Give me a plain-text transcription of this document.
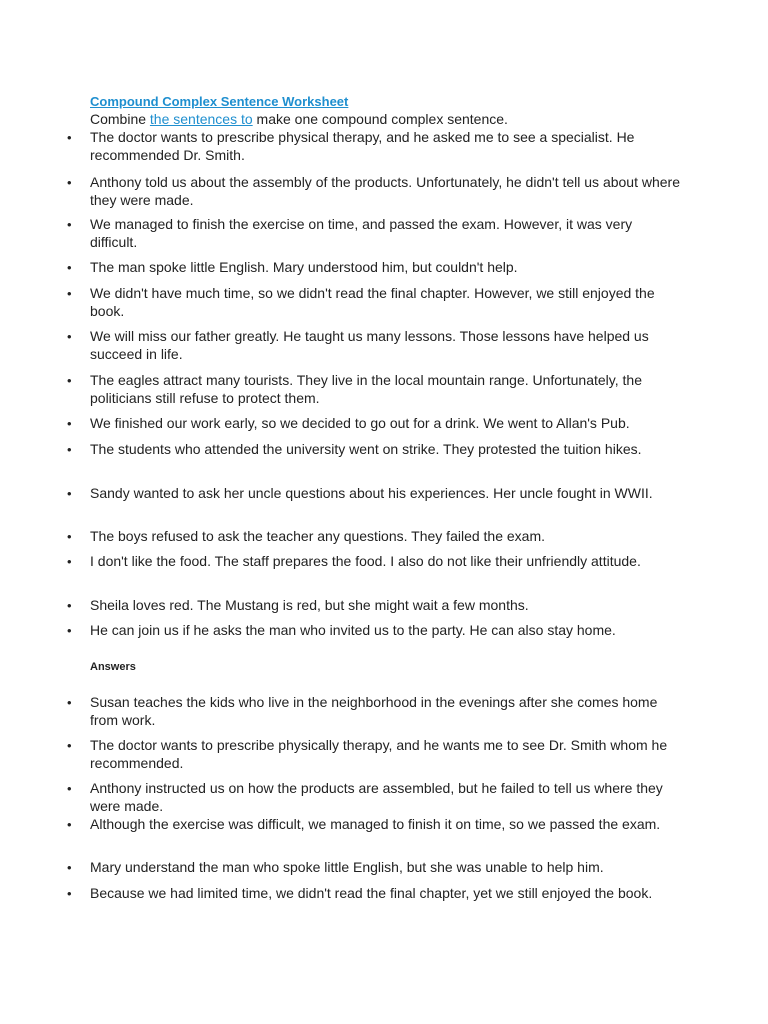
Compound Complex Sentence Worksheet
Combine the sentences to make one compound complex sentence.
• The doctor wants to prescribe physical therapy, and he asked me to see a specialist. He recommended Dr. Smith.
• Anthony told us about the assembly of the products. Unfortunately, he didn't tell us about where they were made.
• We managed to finish the exercise on time, and passed the exam. However, it was very difficult.
• The man spoke little English. Mary understood him, but couldn't help.
• We didn't have much time, so we didn't read the final chapter. However, we still enjoyed the book.
• We will miss our father greatly. He taught us many lessons. Those lessons have helped us succeed in life.
• The eagles attract many tourists. They live in the local mountain range. Unfortunately, the politicians still refuse to protect them.
• We finished our work early, so we decided to go out for a drink. We went to Allan's Pub.
• The students who attended the university went on strike. They protested the tuition hikes.
• Sandy wanted to ask her uncle questions about his experiences. Her uncle fought in WWII.
• The boys refused to ask the teacher any questions. They failed the exam.
• I don't like the food. The staff prepares the food. I also do not like their unfriendly attitude.
• Sheila loves red. The Mustang is red, but she might wait a few months.
• He can join us if he asks the man who invited us to the party. He can also stay home.
Answers
• Susan teaches the kids who live in the neighborhood in the evenings after she comes home from work.
• The doctor wants to prescribe physically therapy, and he wants me to see Dr. Smith whom he recommended.
• Anthony instructed us on how the products are assembled, but he failed to tell us where they were made.
• Although the exercise was difficult, we managed to finish it on time, so we passed the exam.
• Mary understand the man who spoke little English, but she was unable to help him.
• Because we had limited time, we didn't read the final chapter, yet we still enjoyed the book.
